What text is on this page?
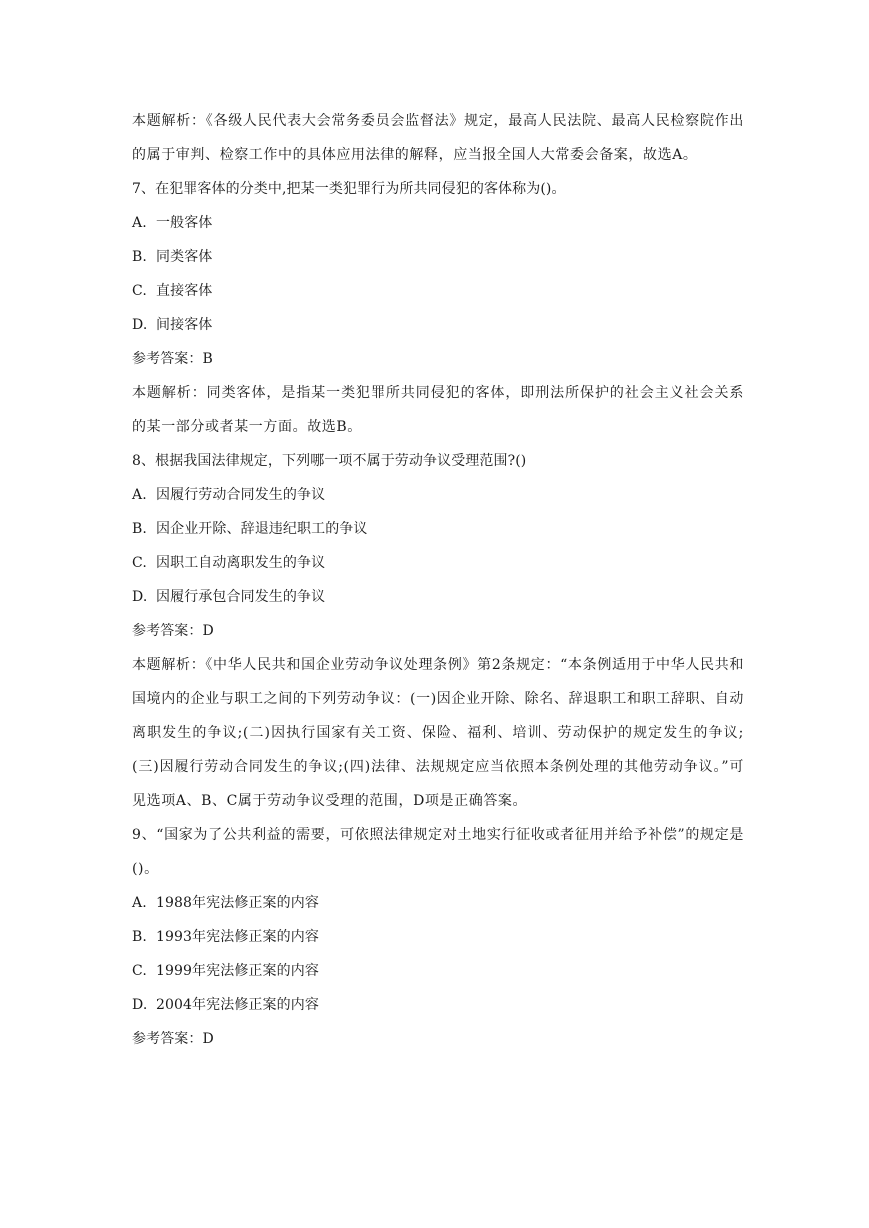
本题解析：《各级人民代表大会常务委员会监督法》规定，最高人民法院、最高人民检察院作出的属于审判、检察工作中的具体应用法律的解释，应当报全国人大常委会备案，故选A。
7、在犯罪客体的分类中,把某一类犯罪行为所共同侵犯的客体称为()。
A. 一般客体
B. 同类客体
C. 直接客体
D. 间接客体
参考答案：B
本题解析：同类客体，是指某一类犯罪所共同侵犯的客体，即刑法所保护的社会主义社会关系的某一部分或者某一方面。故选B。
8、根据我国法律规定，下列哪一项不属于劳动争议受理范围?()
A. 因履行劳动合同发生的争议
B. 因企业开除、辞退违纪职工的争议
C. 因职工自动离职发生的争议
D. 因履行承包合同发生的争议
参考答案：D
本题解析：《中华人民共和国企业劳动争议处理条例》第2条规定：“本条例适用于中华人民共和国境内的企业与职工之间的下列劳动争议：(一)因企业开除、除名、辞退职工和职工辞职、自动离职发生的争议;(二)因执行国家有关工资、保险、福利、培训、劳动保护的规定发生的争议;(三)因履行劳动合同发生的争议;(四)法律、法规规定应当依照本条例处理的其他劳动争议。”可见选项A、B、C属于劳动争议受理的范围，D项是正确答案。
9、“国家为了公共利益的需要，可依照法律规定对土地实行征收或者征用并给予补偿”的规定是()。
A. 1988年宪法修正案的内容
B. 1993年宪法修正案的内容
C. 1999年宪法修正案的内容
D. 2004年宪法修正案的内容
参考答案：D
